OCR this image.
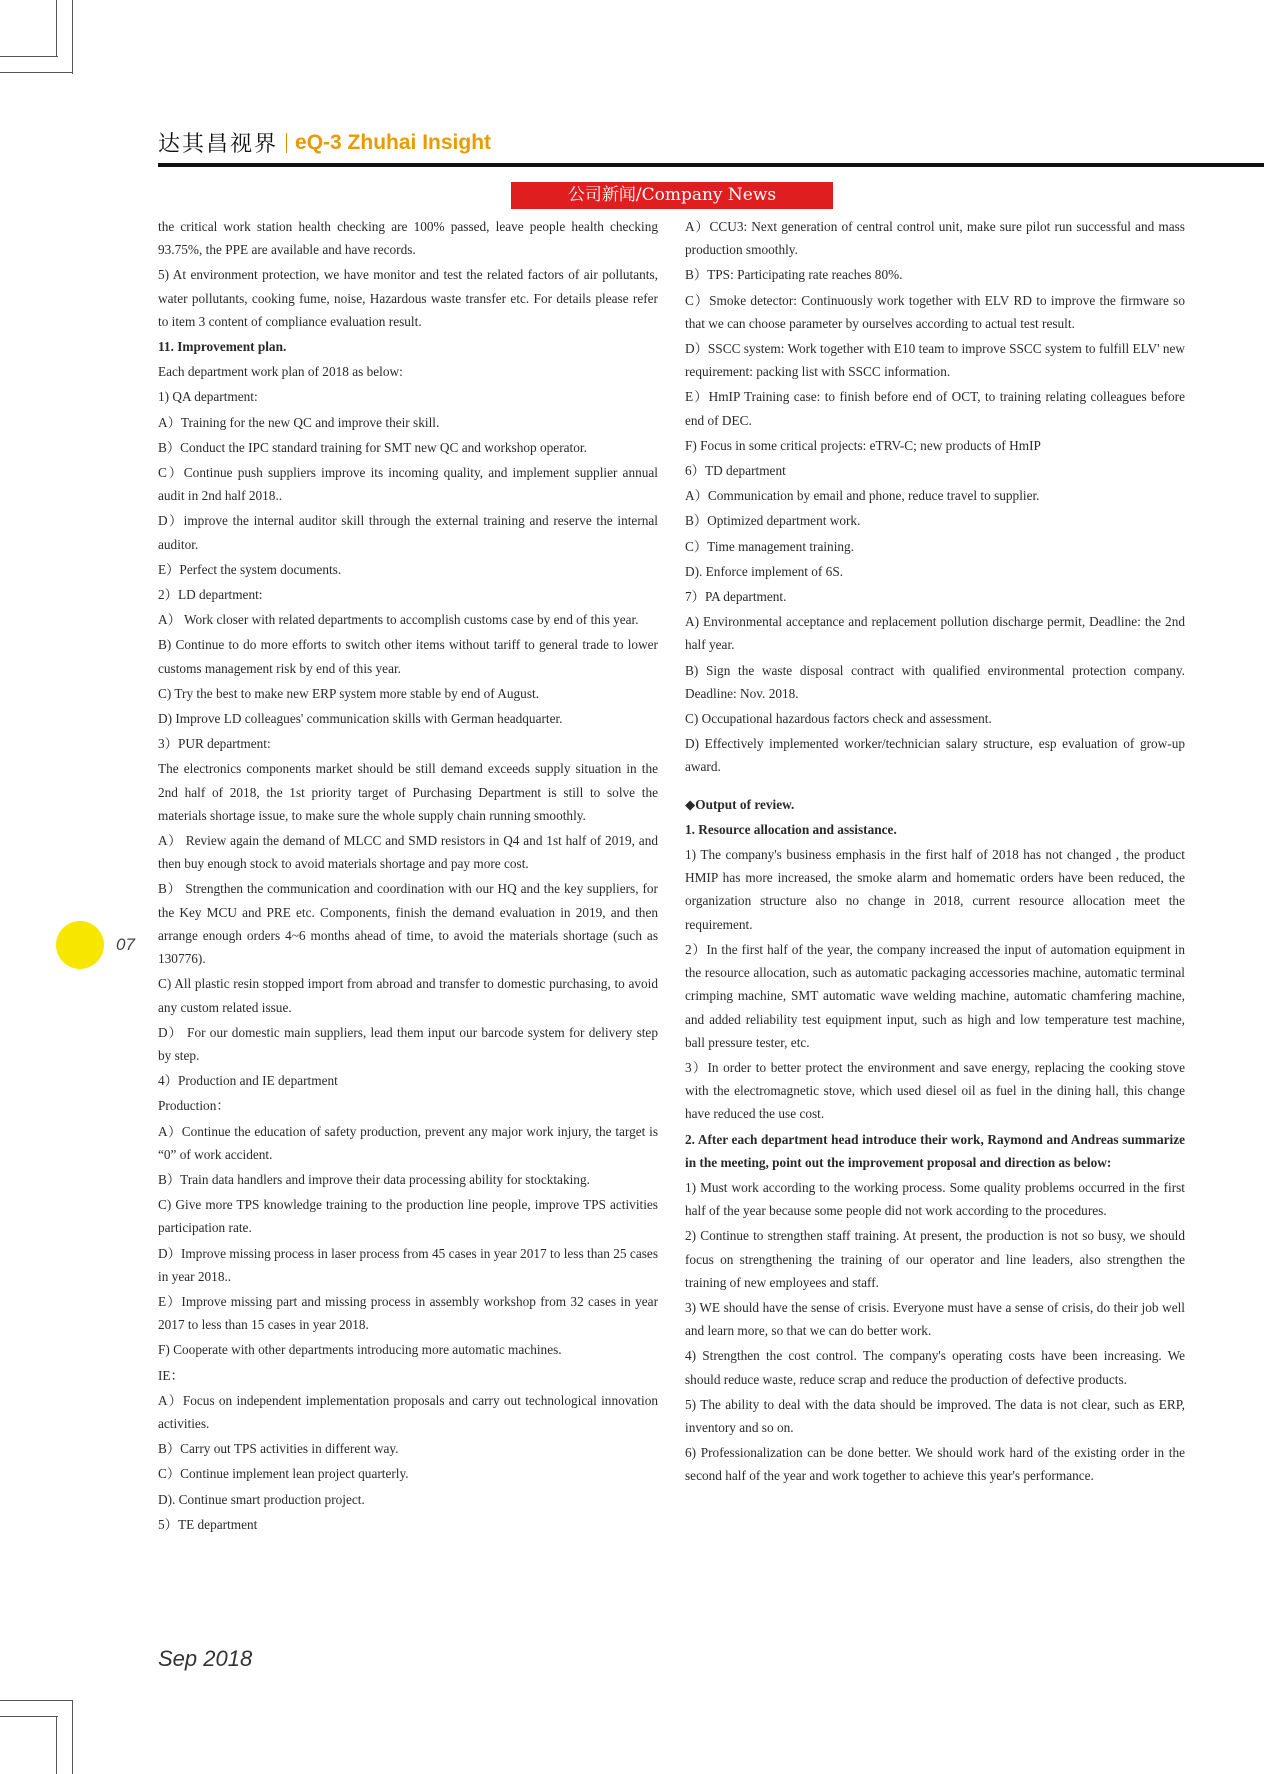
达其昌视界 eQ-3 Zhuhai Insight
公司新闻/Company News

the critical work station health checking are 100% passed, leave people health checking 93.75%, the PPE are available and have records.

5) At environment protection, we have monitor and test the related factors of air pollutants, water pollutants, cooking fume, noise, Hazardous waste transfer etc. For details please refer to item 3 content of compliance evaluation result.

11. Improvement plan.

Each department work plan of 2018 as below:

1) QA department:

A）Training for the new QC and improve their skill.

B）Conduct the IPC standard training for SMT new QC and workshop operator.

C）Continue push suppliers improve its incoming quality, and implement supplier annual audit in 2nd half 2018..

D）improve the internal auditor skill through the external training and reserve the internal auditor.

E）Perfect the system documents.

2）LD department:

A） Work closer with related departments to accomplish customs case by end of this year.

B) Continue to do more efforts to switch other items without tariff to general trade to lower customs management risk by end of this year.

C) Try the best to make new ERP system more stable by end of August.

D) Improve LD colleagues' communication skills with German headquarter.

3）PUR department:

The electronics components market should be still demand exceeds supply situation in the 2nd half of 2018, the 1st priority target of Purchasing Department is still to solve the materials shortage issue, to make sure the whole supply chain running smoothly.

A） Review again the demand of MLCC and SMD resistors in Q4 and 1st half of 2019, and then buy enough stock to avoid materials shortage and pay more cost.

B） Strengthen the communication and coordination with our HQ and the key suppliers, for the Key MCU and PRE etc. Components, finish the demand evaluation in 2019, and then arrange enough orders 4~6 months ahead of time, to avoid the materials shortage (such as 130776).

C) All plastic resin stopped import from abroad and transfer to domestic purchasing, to avoid any custom related issue.

D） For our domestic main suppliers, lead them input our barcode system for delivery step by step.

4）Production and IE department

Production：

A）Continue the education of safety production, prevent any major work injury, the target is “0” of work accident.

B）Train data handlers and improve their data processing ability for stocktaking.

C) Give more TPS knowledge training to the production line people, improve TPS activities participation rate.

D）Improve missing process in laser process from 45 cases in year 2017 to less than 25 cases in year 2018..

E）Improve missing part and missing process in assembly workshop from 32 cases in year 2017 to less than 15 cases in year 2018.

F) Cooperate with other departments introducing more automatic machines.

IE：

A）Focus on independent implementation proposals and carry out technological innovation activities.

B）Carry out TPS activities in different way.

C）Continue implement lean project quarterly.

D). Continue smart production project.

5）TE department

A）CCU3: Next generation of central control unit, make sure pilot run successful and mass production smoothly.

B）TPS: Participating rate reaches 80%.

C）Smoke detector: Continuously work together with ELV RD to improve the firmware so that we can choose parameter by ourselves according to actual test result.

D）SSCC system: Work together with E10 team to improve SSCC system to fulfill ELV' new requirement: packing list with SSCC information.

E）HmIP Training case: to finish before end of OCT, to training relating colleagues before end of DEC.

F) Focus in some critical projects: eTRV-C; new products of HmIP

6）TD department

A）Communication by email and phone, reduce travel to supplier.

B）Optimized department work.

C）Time management training.

D). Enforce implement of 6S.

7）PA department.

A) Environmental acceptance and replacement pollution discharge permit, Deadline: the 2nd half year.

B) Sign the waste disposal contract with qualified environmental protection company. Deadline: Nov. 2018.

C) Occupational hazardous factors check and assessment.

D) Effectively implemented worker/technician salary structure, esp evaluation of grow-up award.

◆Output of review.

1. Resource allocation and assistance.

1) The company's business emphasis in the first half of 2018 has not changed , the product HMIP has more increased, the smoke alarm and homematic orders have been reduced, the organization structure also no change in 2018, current resource allocation meet the requirement.

2）In the first half of the year, the company increased the input of automation equipment in the resource allocation, such as automatic packaging accessories machine, automatic terminal crimping machine, SMT automatic wave welding machine, automatic chamfering machine, and added reliability test equipment input, such as high and low temperature test machine, ball pressure tester, etc.

3）In order to better protect the environment and save energy, replacing the cooking stove with the electromagnetic stove, which used diesel oil as fuel in the dining hall, this change have reduced the use cost.

2. After each department head introduce their work, Raymond and Andreas summarize in the meeting, point out the improvement proposal and direction as below:

1) Must work according to the working process. Some quality problems occurred in the first half of the year because some people did not work according to the procedures.

2) Continue to strengthen staff training. At present, the production is not so busy, we should focus on strengthening the training of our operator and line leaders, also strengthen the training of new employees and staff.

3) WE should have the sense of crisis. Everyone must have a sense of crisis, do their job well and learn more, so that we can do better work.

4) Strengthen the cost control. The company's operating costs have been increasing. We should reduce waste, reduce scrap and reduce the production of defective products.

5) The ability to deal with the data should be improved. The data is not clear, such as ERP, inventory and so on.

6) Professionalization can be done better. We should work hard of the existing order in the second half of the year and work together to achieve this year's performance.

07
Sep 2018
